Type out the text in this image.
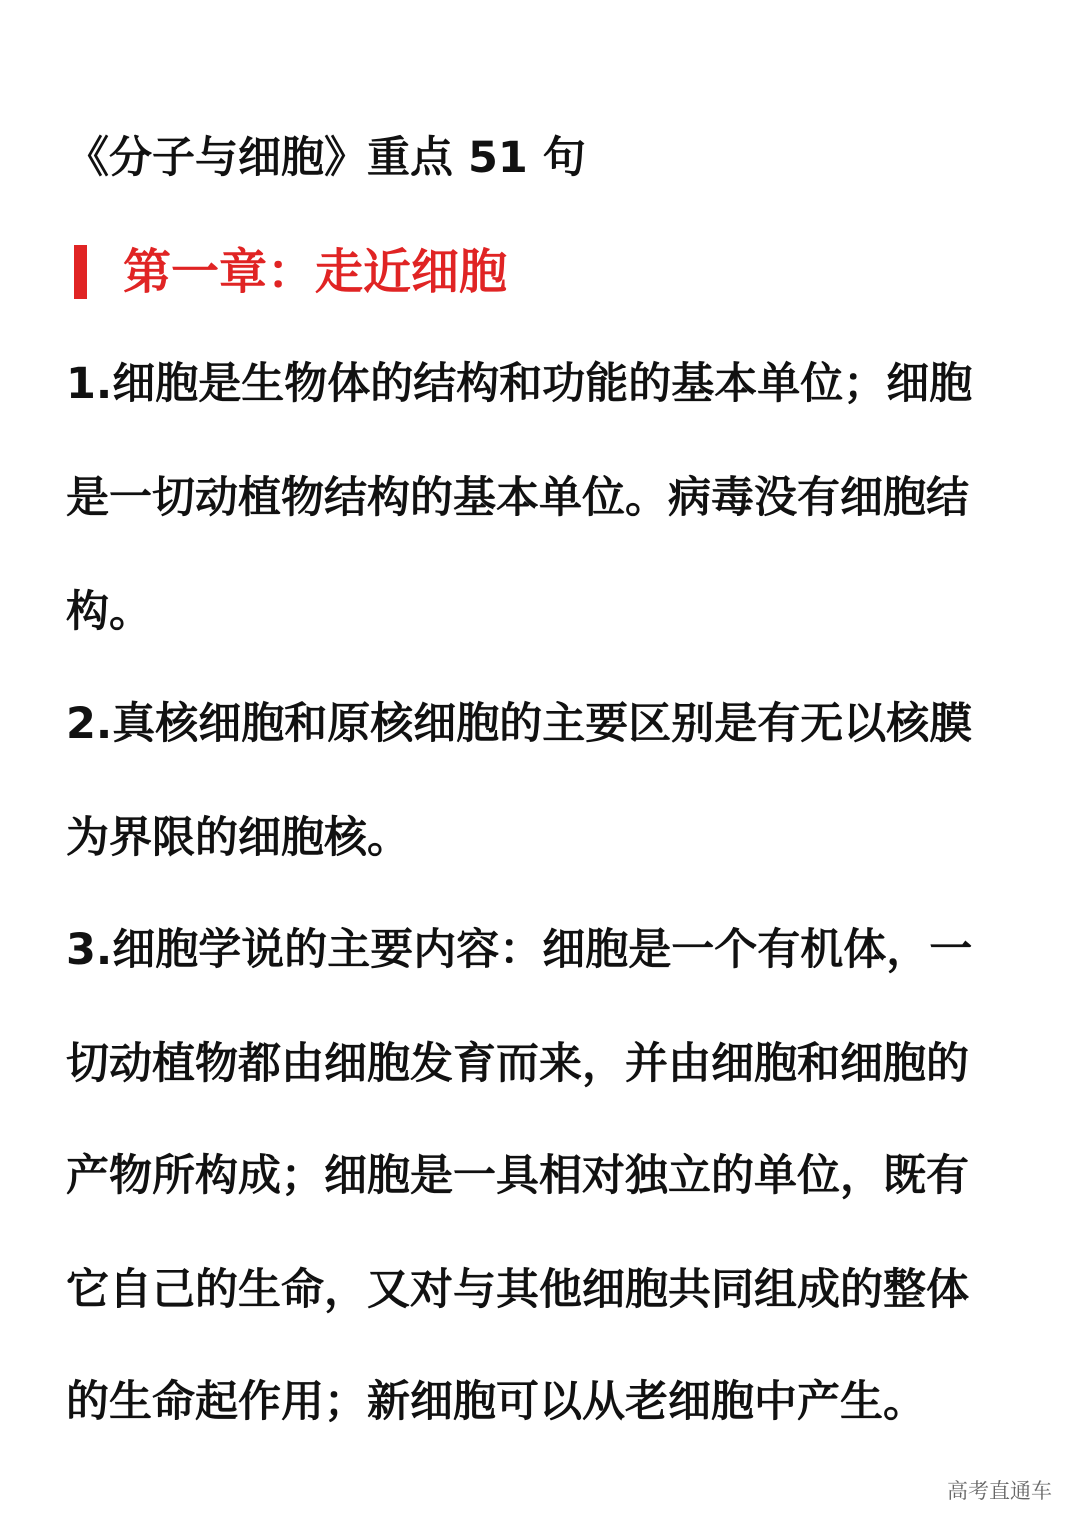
《分子与细胞》重点 51 句
第一章：走近细胞
1.细胞是生物体的结构和功能的基本单位；细胞
是一切动植物结构的基本单位。病毒没有细胞结
构。
2.真核细胞和原核细胞的主要区别是有无以核膜
为界限的细胞核。
3.细胞学说的主要内容：细胞是一个有机体，一
切动植物都由细胞发育而来，并由细胞和细胞的
产物所构成；细胞是一具相对独立的单位，既有
它自己的生命，又对与其他细胞共同组成的整体
的生命起作用；新细胞可以从老细胞中产生。
高考直通车
